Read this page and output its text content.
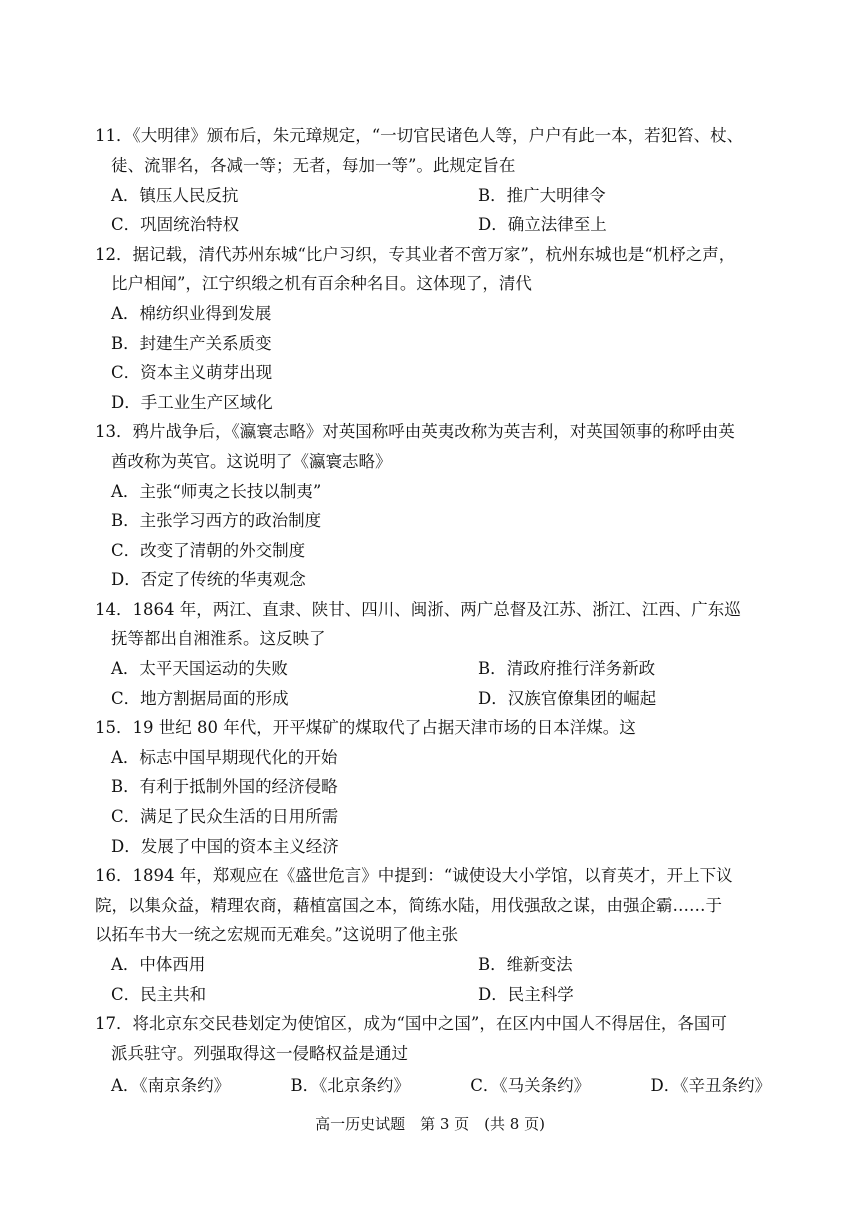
11．《大明律》颁布后，朱元璋规定，“一切官民诸色人等，户户有此一本，若犯笞、杖、
徒、流罪名，各减一等；无者，每加一等”。此规定旨在
A．镇压人民反抗	B．推广大明律令
C．巩固统治特权	D．确立法律至上
12．据记载，清代苏州东城“比户习织，专其业者不啻万家”，杭州东城也是“机杼之声，
比户相闻”，江宁织缎之机有百余种名目。这体现了，清代
A．棉纺织业得到发展
B．封建生产关系质变
C．资本主义萌芽出现
D．手工业生产区域化
13．鸦片战争后，《瀛寰志略》对英国称呼由英夷改称为英吉利，对英国领事的称呼由英
酋改称为英官。这说明了《瀛寰志略》
A．主张“师夷之长技以制夷”
B．主张学习西方的政治制度
C．改变了清朝的外交制度
D．否定了传统的华夷观念
14．1864 年，两江、直隶、陕甘、四川、闽浙、两广总督及江苏、浙江、江西、广东巡
抚等都出自湘淮系。这反映了
A．太平天国运动的失败	B．清政府推行洋务新政
C．地方割据局面的形成	D．汉族官僚集团的崛起
15．19 世纪 80 年代，开平煤矿的煤取代了占据天津市场的日本洋煤。这
A．标志中国早期现代化的开始
B．有利于抵制外国的经济侵略
C．满足了民众生活的日用所需
D．发展了中国的资本主义经济
16．1894 年，郑观应在《盛世危言》中提到：“诚使设大小学馆，以育英才，开上下议
院，以集众益，精理农商，藉植富国之本，简练水陆，用伐强敌之谋，由强企霸……于
以拓车书大一统之宏规而无难矣。”这说明了他主张
A．中体西用	B．维新变法
C．民主共和	D．民主科学
17．将北京东交民巷划定为使馆区，成为“国中之国”，在区内中国人不得居住，各国可
派兵驻守。列强取得这一侵略权益是通过
A．《南京条约》	B．《北京条约》	C．《马关条约》	D．《辛丑条约》
高一历史试题　第 3 页　(共 8 页)
